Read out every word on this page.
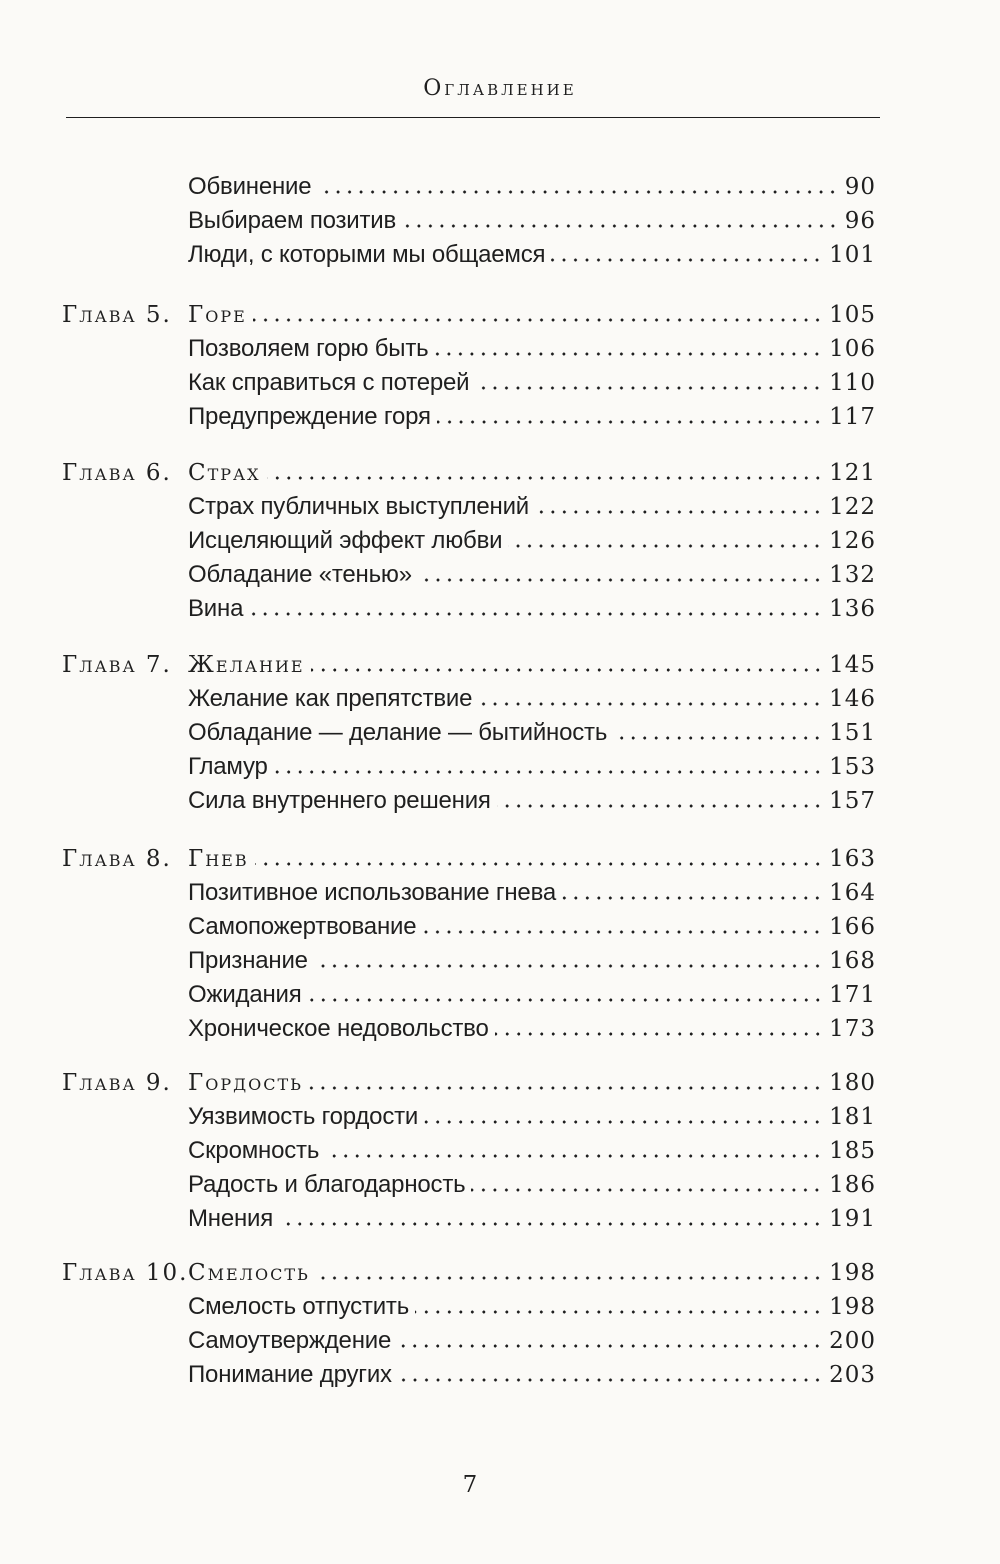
Оглавление
Обвинение	90
Выбираем позитив	96
Люди, с которыми мы общаемся	101
Глава 5. Горе	105
Позволяем горю быть	106
Как справиться с потерей	110
Предупреждение горя	117
Глава 6. Страх	121
Страх публичных выступлений	122
Исцеляющий эффект любви	126
Обладание «тенью»	132
Вина	136
Глава 7. Желание	145
Желание как препятствие	146
Обладание — делание — бытийность	151
Гламур	153
Сила внутреннего решения	157
Глава 8. Гнев	163
Позитивное использование гнева	164
Самопожертвование	166
Признание	168
Ожидания	171
Хроническое недовольство	173
Глава 9. Гордость	180
Уязвимость гордости	181
Скромность	185
Радость и благодарность	186
Мнения	191
Глава 10. Смелость	198
Смелость отпустить	198
Самоутверждение	200
Понимание других	203
7
